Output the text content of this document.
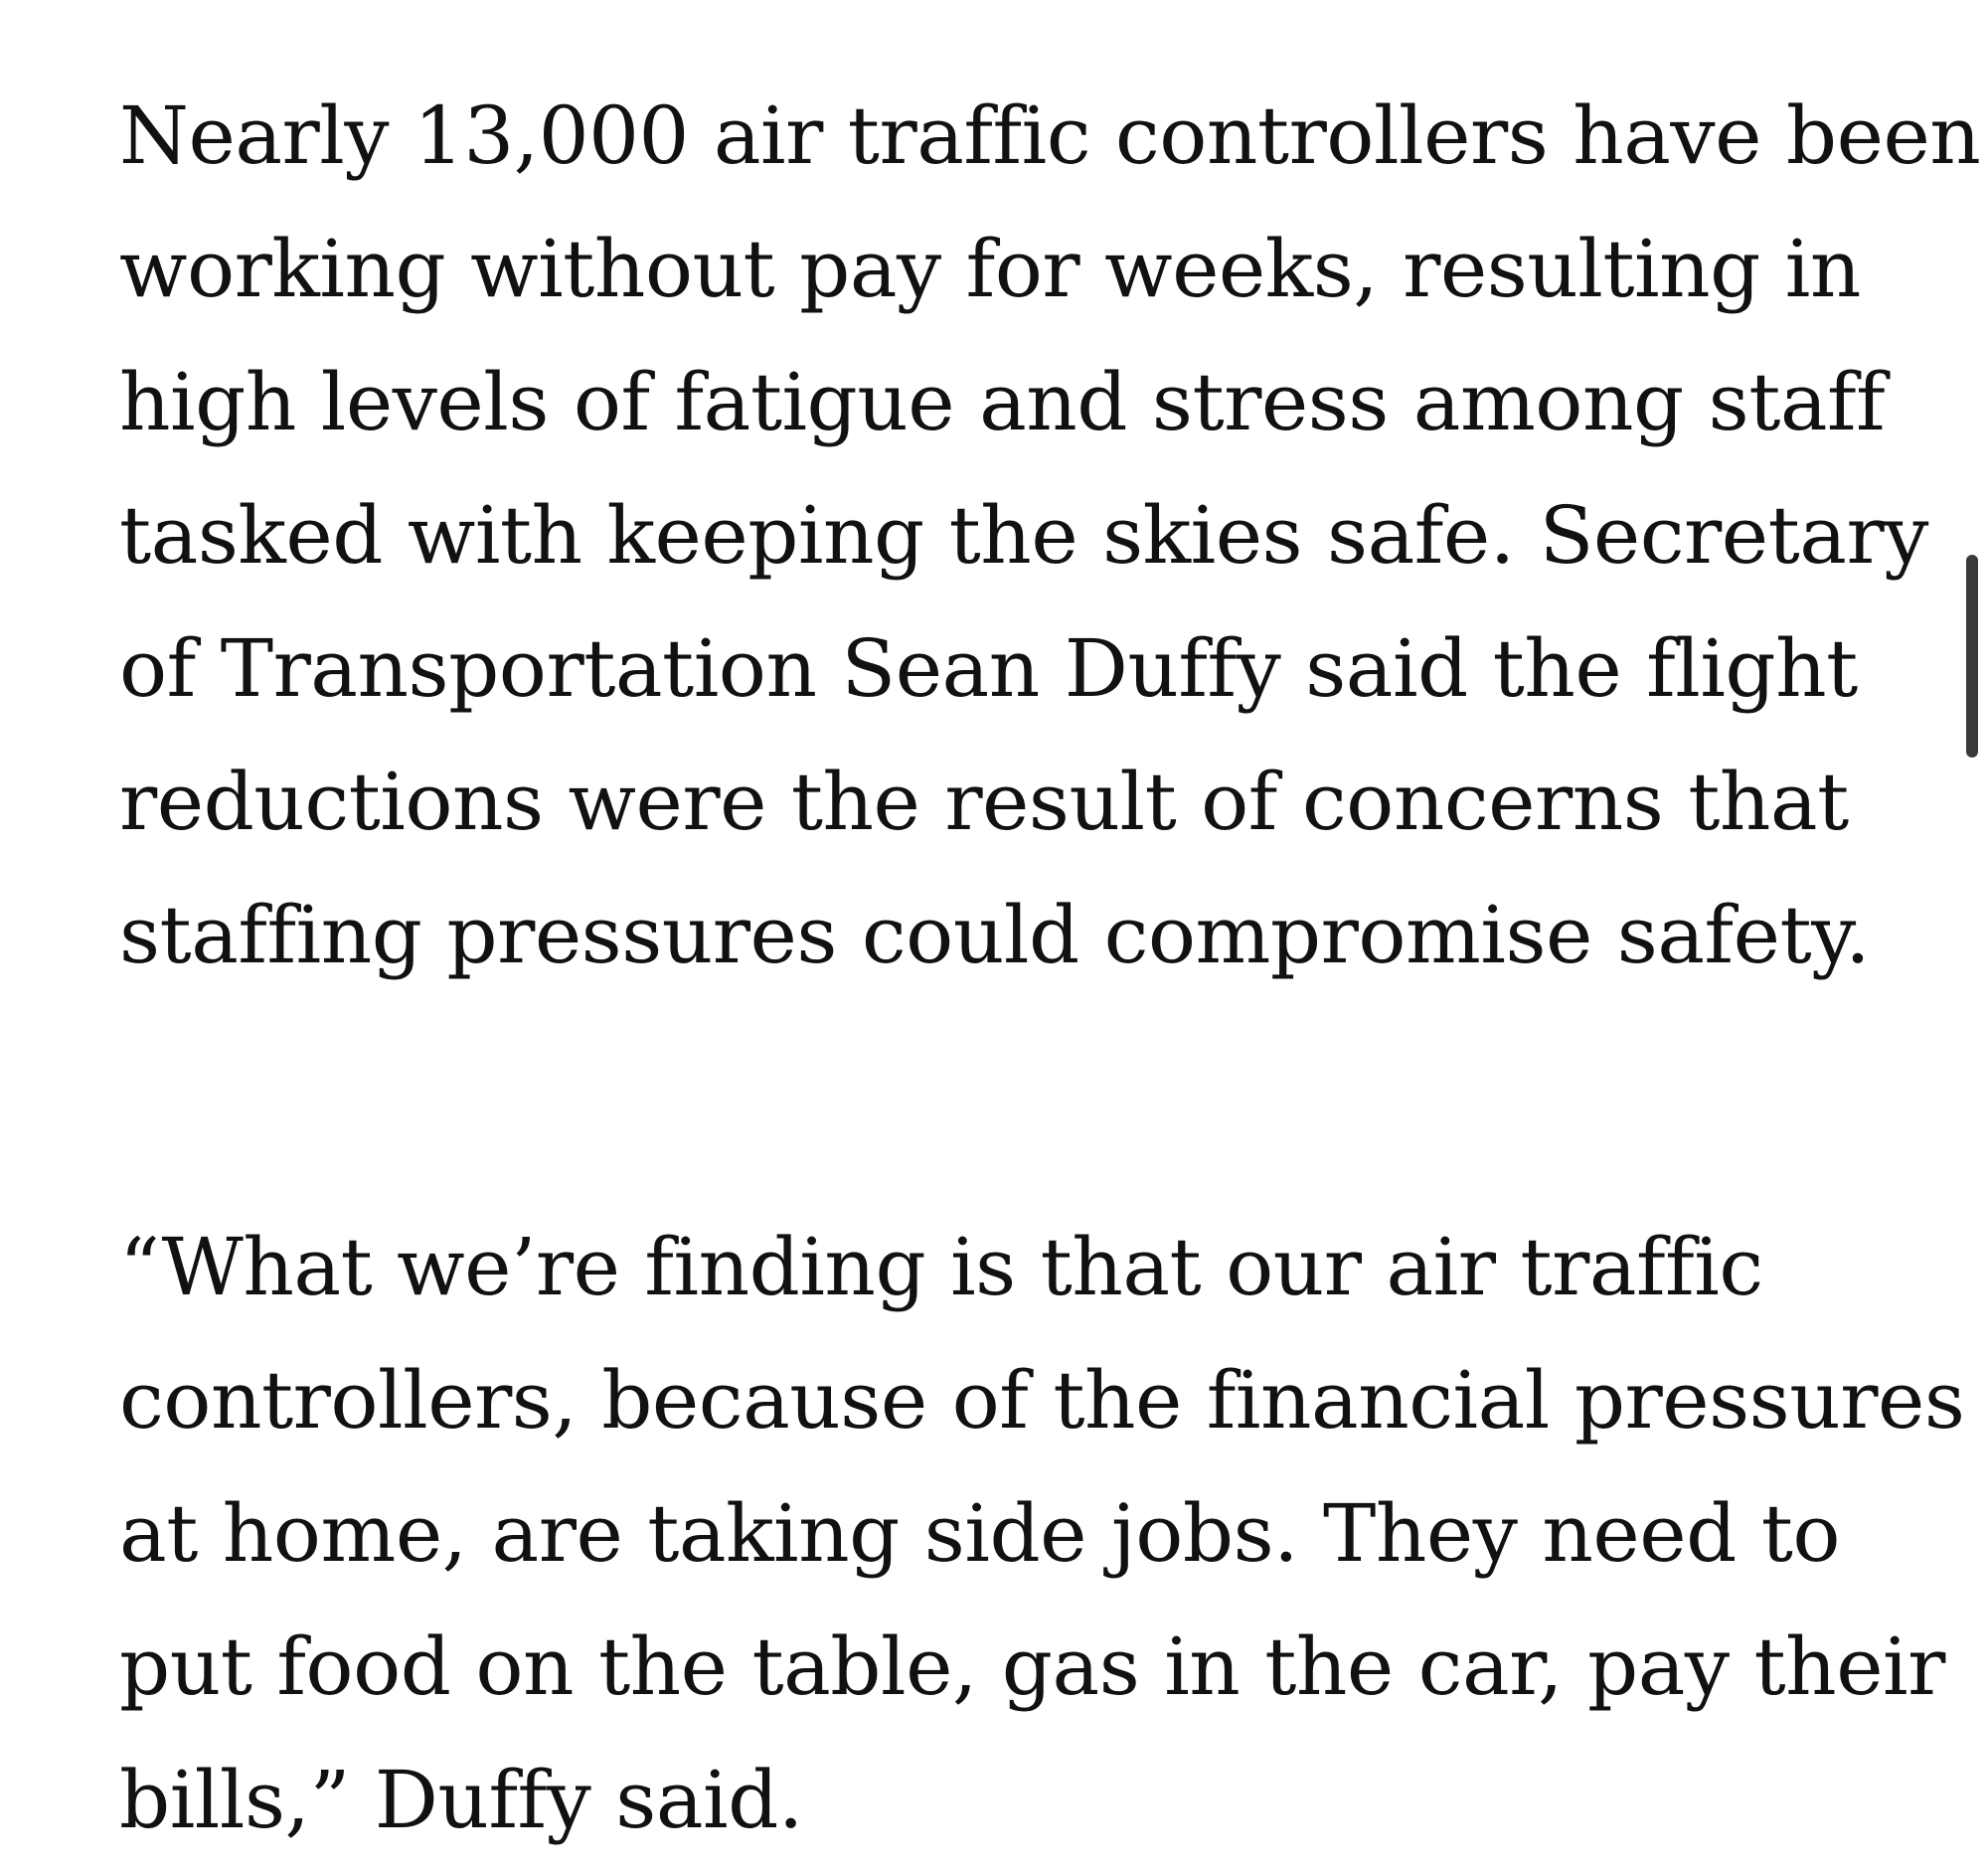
Nearly 13,000 air traffic controllers have been
working without pay for weeks, resulting in
high levels of fatigue and stress among staff
tasked with keeping the skies safe. Secretary
of Transportation Sean Duffy said the flight
reductions were the result of concerns that
staffing pressures could compromise safety.

“What we’re finding is that our air traffic
controllers, because of the financial pressures
at home, are taking side jobs. They need to
put food on the table, gas in the car, pay their
bills,” Duffy said.
